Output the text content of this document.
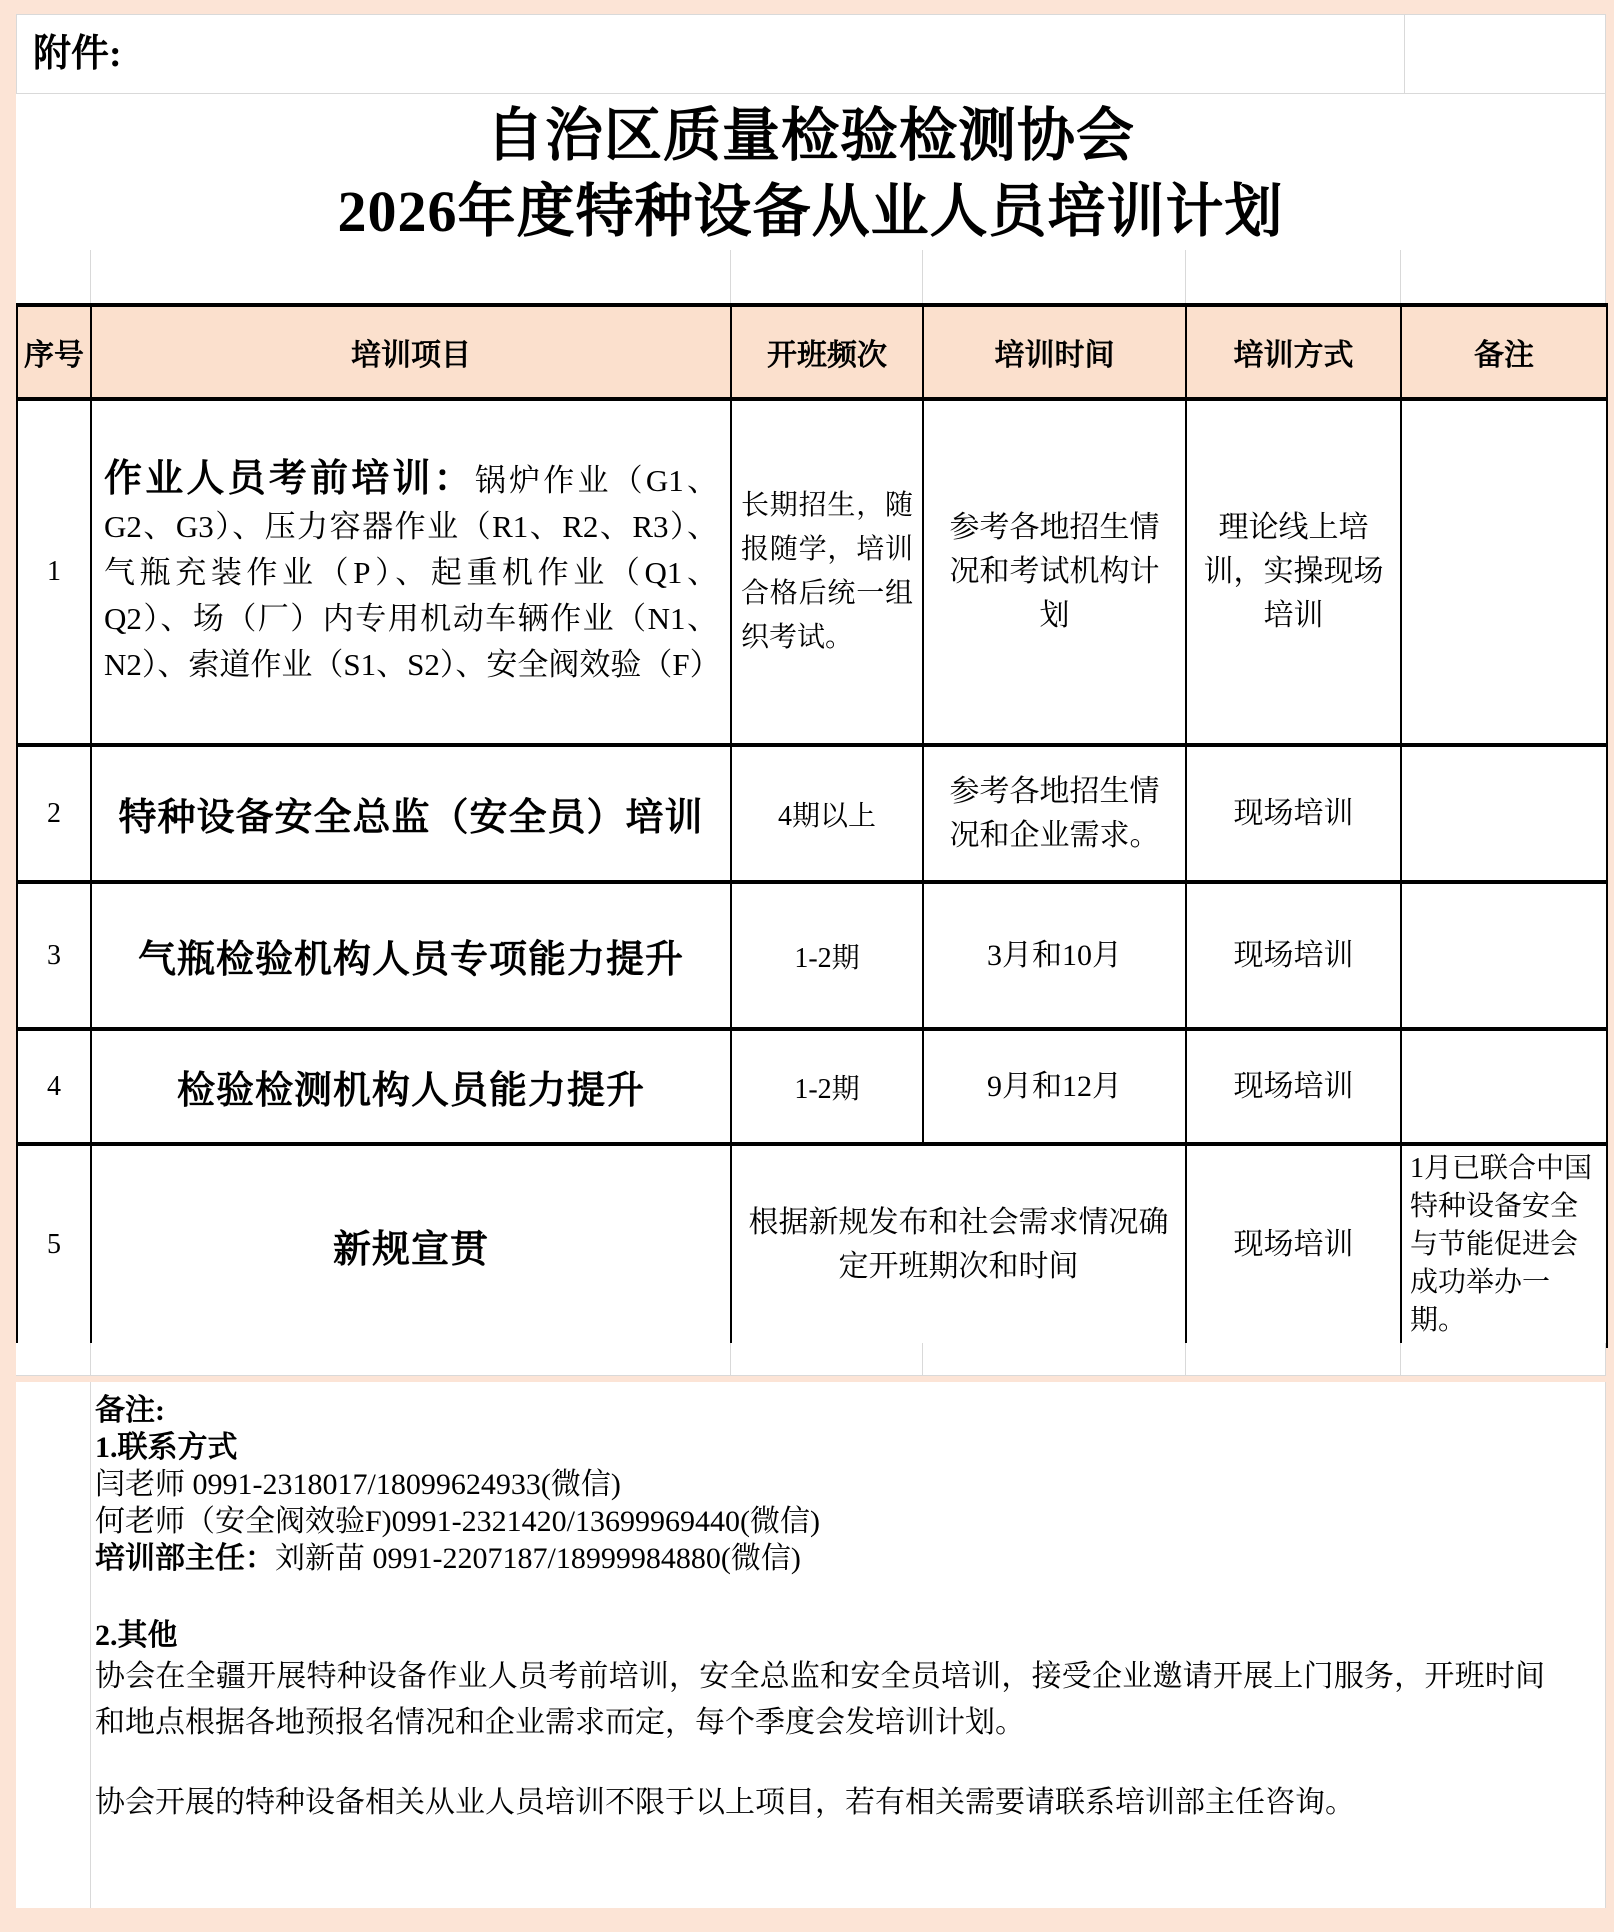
附件:
自治区质量检验检测协会
2026年度特种设备从业人员培训计划
序号	培训项目	开班频次	培训时间	培训方式	备注
1	作业人员考前培训：锅炉作业（G1、G2、G3）、压力容器作业（R1、R2、R3）、气瓶充装作业（P）、起重机作业（Q1、Q2）、场（厂）内专用机动车辆作业（N1、N2）、索道作业（S1、S2）、安全阀效验（F）	长期招生，随报随学，培训合格后统一组织考试。	参考各地招生情况和考试机构计划	理论线上培训，实操现场培训	
2	特种设备安全总监（安全员）培训	4期以上	参考各地招生情况和企业需求。	现场培训	
3	气瓶检验机构人员专项能力提升	1-2期	3月和10月	现场培训	
4	检验检测机构人员能力提升	1-2期	9月和12月	现场培训	
5	新规宣贯	根据新规发布和社会需求情况确定开班期次和时间		现场培训	1月已联合中国特种设备安全与节能促进会成功举办一期。
备注:
1.联系方式
闫老师 0991-2318017/18099624933(微信)
何老师（安全阀效验F)0991-2321420/13699969440(微信)
培训部主任：刘新苗 0991-2207187/18999984880(微信)
2.其他
协会在全疆开展特种设备作业人员考前培训，安全总监和安全员培训，接受企业邀请开展上门服务，开班时间和地点根据各地预报名情况和企业需求而定，每个季度会发培训计划。
协会开展的特种设备相关从业人员培训不限于以上项目，若有相关需要请联系培训部主任咨询。
